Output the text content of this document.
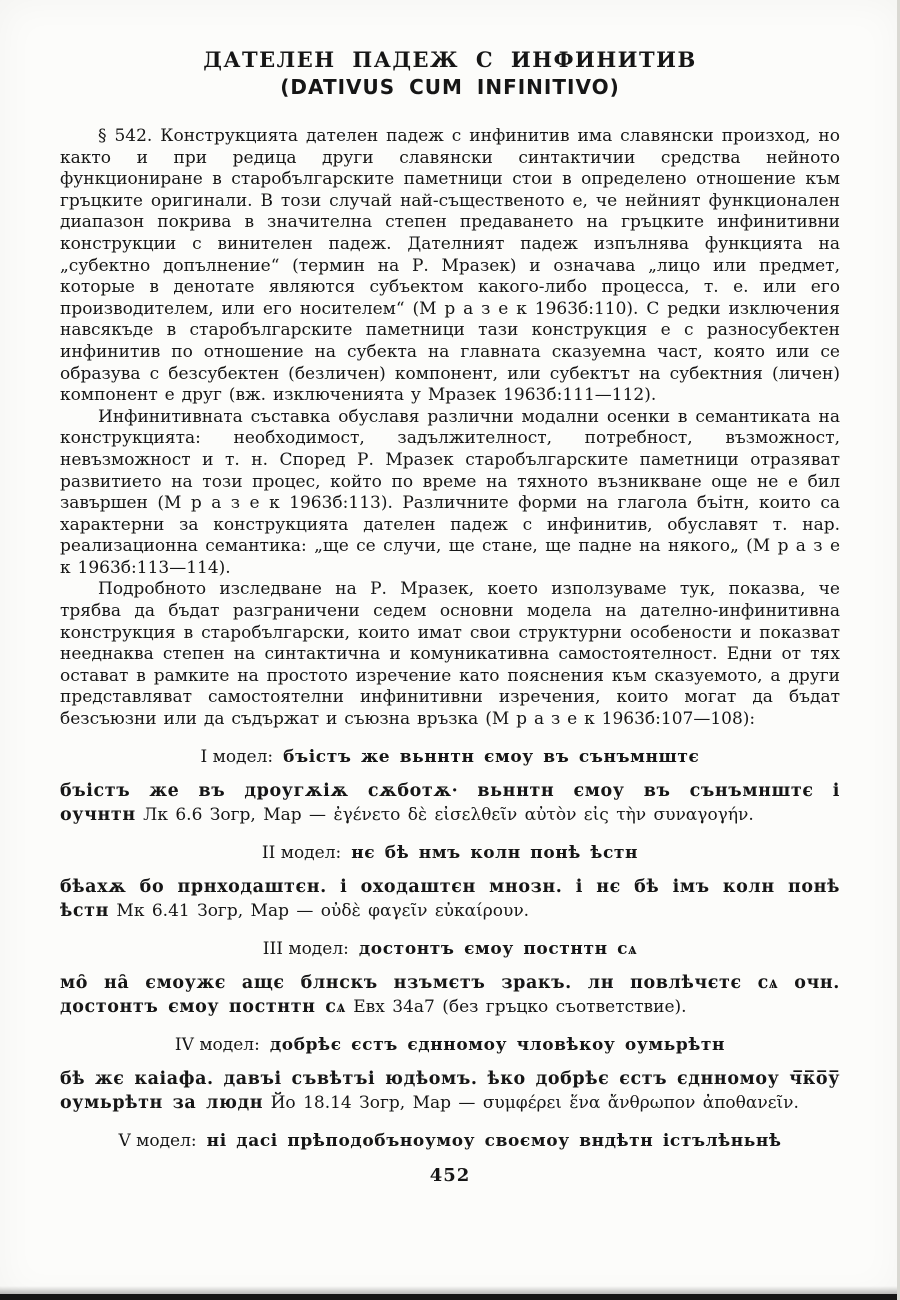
ДАТЕЛЕН ПАДЕЖ С ИНФИНИТИВ
(DATIVUS CUM INFINITIVO)

§ 542. Конструкцията дателен падеж с инфинитив има славянски произход, но както и при редица други славянски синтактичии средства нейното функциониране в старобългарските паметници стои в определено отношение към гръцките оригинали. В този случай най-същественото е, че нейният функционален диапазон покрива в значителна степен предаването на гръцките инфинитивни конструкции с винителен падеж. Дателният падеж изпълнява функцията на „субектно допълнение“ (термин на Р. Мразек) и означава „лицо или предмет, которые в денотате являются субъектом какого-либо процесса, т. е. или его производителем, или его носителем“ (М р а з е к 1963б:110). С редки изключения навсякъде в старобългарските паметници тази конструкция е с разносубектен инфинитив по отношение на субекта на главната сказуемна част, която или се образува с безсубектен (безличен) компонент, или субектът на субектния (личен) компонент е друг (вж. изключенията у Мразек 1963б:111—112).

Инфинитивната съставка обуславя различни модални осенки в семантиката на конструкцията: необходимост, задължителност, потребност, възможност, невъзможност и т. н. Според Р. Мразек старобългарските паметници отразяват развитието на този процес, който по време на тяхното възникване още не е бил завършен (М р а з е к 1963б:113). Различните форми на глагола бъітн, които са характерни за конструкцията дателен падеж с инфинитив, обуславят т. нар. реализационна семантика: „ще се случи, ще стане, ще падне на някого„ (М р а з е к 1963б:113—114).

Подробното изследване на Р. Мразек, което използуваме тук, показва, че трябва да бъдат разграничени седем основни модела на дателно-инфинитивна конструкция в старобългарски, които имат свои структурни особености и показват нееднаква степен на синтактична и комуникативна самостоятелност. Едни от тях остават в рамките на простото изречение като пояснения към сказуемото, а други представляват самостоятелни инфинитивни изречения, които могат да бъдат безсъюзни или да съдържат и съюзна връзка (М р а з е к 1963б:107—108):

I модел: бъістъ же вьннтн ємоу въ сънъмнштє

бъістъ же въ дроугѫіѫ сѫботѫ· вьннтн ємоу въ сънъмнштє і оучнтн Лк 6.6 Зогр, Мар — ἐγένετο δὲ εἰσελθεῖν αὐτὸν εἰς τὴν συναγογήν.

II модел: нє бѣ нмъ колн понѣ ѣстн

бѣахѫ бо прнходаштєн. і оходаштєн мнозн. і нє бѣ імъ колн понѣ ѣстн Мк 6.41 Зогр, Мар — οὐδὲ φαγεῖν εὐκαίρουν.

III модел: достонтъ ємоу постнтн сѧ

мо̑ на̑ ємоужє ащє блнскъ нзъмєтъ зракъ. лн повлѣчєтє сѧ очн. достонтъ ємоу постнтн сѧ Евх 34а7 (без гръцко съответствие).

IV модел: добрѣє єстъ єднномоу чловѣкоу оумьрѣтн

бѣ жє каіафа. давъі съвѣтъі юдѣомъ. ѣко добрѣє єстъ єднномоу ч̅к̅о̅у̅ оумьрѣтн за людн Йо 18.14 Зогр, Мар — συμφέρει ἕνα ἄνθρωπον ἀποθανεῖν.

V модел: ні дасі прѣподобъноумоу своємоу вндѣтн істълѣньнѣ

452
